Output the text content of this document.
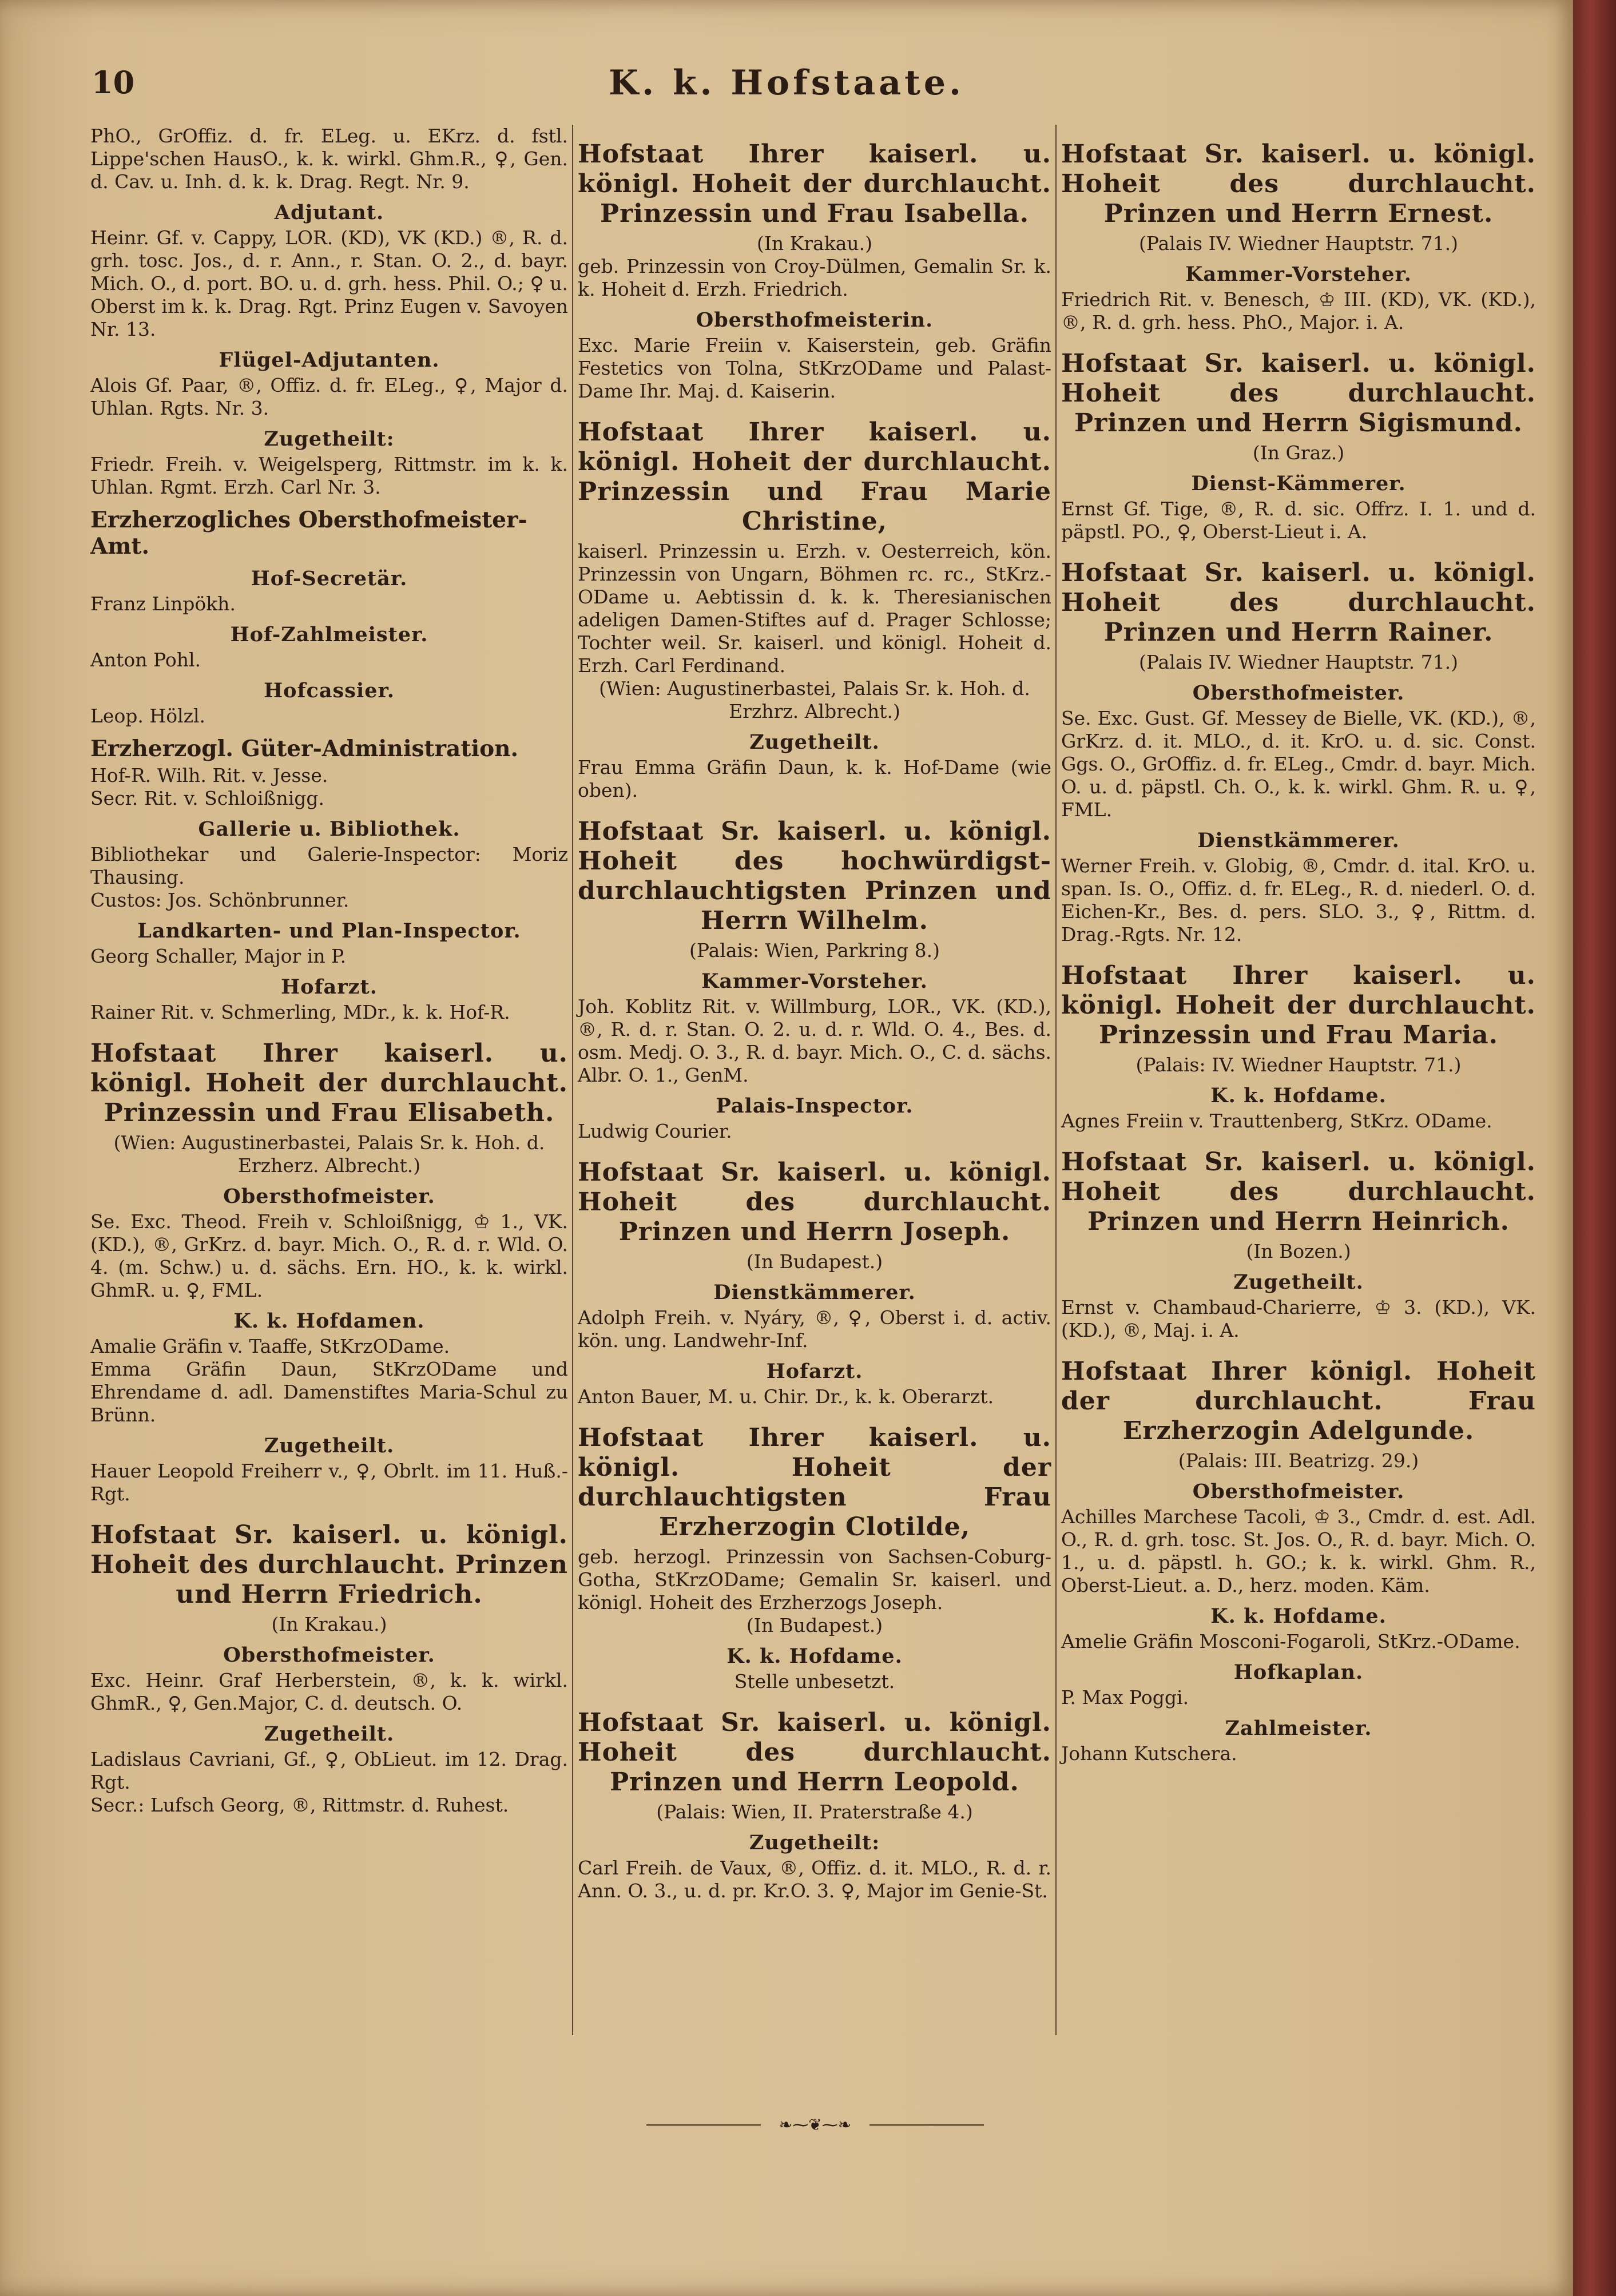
10	K. k. Hofstaate.
PhO., GrOffiz. d. fr. ELeg. u. EKrz. d. fstl. Lippe'schen HausO., k. k. wirkl. Ghm.R., ♀, Gen. d. Cav. u. Inh. d. k. k. Drag. Regt. Nr. 9.
Adjutant.
Heinr. Gf. v. Cappy, LOR. (KD), VK (KD.) ®, R. d. grh. tosc. Jos., d. r. Ann., r. Stan. O. 2., d. bayr. Mich. O., d. port. BO. u. d. grh. hess. Phil. O.; ♀ u. Oberst im k. k. Drag. Rgt. Prinz Eugen v. Savoyen Nr. 13.
Flügel-Adjutanten.
Alois Gf. Paar, ®, Offiz. d. fr. ELeg., ♀, Major d. Uhlan. Rgts. Nr. 3.
Zugetheilt:
Friedr. Freih. v. Weigelsperg, Rittmstr. im k. k. Uhlan. Rgmt. Erzh. Carl Nr. 3.
Erzherzogliches Obersthofmeister-Amt.
Hof-Secretär.
Franz Linpökh.
Hof-Zahlmeister.
Anton Pohl.
Hofcassier.
Leop. Hölzl.
Erzherzogl. Güter-Administration.
Hof-R. Wilh. Rit. v. Jesse.
Secr. Rit. v. Schloißnigg.
Gallerie u. Bibliothek.
Bibliothekar und Galerie-Inspector: Moriz Thausing.
Custos: Jos. Schönbrunner.
Landkarten- und Plan-Inspector.
Georg Schaller, Major in P.
Hofarzt.
Rainer Rit. v. Schmerling, MDr., k. k. Hof-R.
Hofstaat Ihrer kaiserl. u. königl. Hoheit der durchlaucht. Prinzessin und Frau Elisabeth.
(Wien: Augustinerbastei, Palais Sr. k. Hoh. d. Erzherz. Albrecht.)
Obersthofmeister.
Se. Exc. Theod. Freih v. Schloißnigg, ♔ 1., VK. (KD.), ®, GrKrz. d. bayr. Mich. O., R. d. r. Wld. O. 4. (m. Schw.) u. d. sächs. Ern. HO., k. k. wirkl. GhmR. u. ♀, FML.
K. k. Hofdamen.
Amalie Gräfin v. Taaffe, StKrzODame.
Emma Gräfin Daun, StKrzODame und Ehrendame d. adl. Damenstiftes Maria-Schul zu Brünn.
Zugetheilt.
Hauer Leopold Freiherr v., ♀, Obrlt. im 11. Huß.-Rgt.
Hofstaat Sr. kaiserl. u. königl. Hoheit des durchlaucht. Prinzen und Herrn Friedrich.
(In Krakau.)
Obersthofmeister.
Exc. Heinr. Graf Herberstein, ®, k. k. wirkl. GhmR., ♀, Gen.Major, C. d. deutsch. O.
Zugetheilt.
Ladislaus Cavriani, Gf., ♀, ObLieut. im 12. Drag. Rgt.
Secr.: Lufsch Georg, ®, Rittmstr. d. Ruhest.
Hofstaat Ihrer kaiserl. u. königl. Hoheit der durchlaucht. Prinzessin und Frau Isabella.
(In Krakau.)
geb. Prinzessin von Croy-Dülmen, Gemalin Sr. k. k. Hoheit d. Erzh. Friedrich.
Obersthofmeisterin.
Exc. Marie Freiin v. Kaiserstein, geb. Gräfin Festetics von Tolna, StKrzODame und Palast-Dame Ihr. Maj. d. Kaiserin.
Hofstaat Ihrer kaiserl. u. königl. Hoheit der durchlaucht. Prinzessin und Frau Marie Christine,
kaiserl. Prinzessin u. Erzh. v. Oesterreich, kön. Prinzessin von Ungarn, Böhmen rc. rc., StKrz.-ODame u. Aebtissin d. k. k. Theresianischen adeligen Damen-Stiftes auf d. Prager Schlosse; Tochter weil. Sr. kaiserl. und königl. Hoheit d. Erzh. Carl Ferdinand.
(Wien: Augustinerbastei, Palais Sr. k. Hoh. d. Erzhrz. Albrecht.)
Zugetheilt.
Frau Emma Gräfin Daun, k. k. Hof-Dame (wie oben).
Hofstaat Sr. kaiserl. u. königl. Hoheit des hochwürdigst-durchlauchtigsten Prinzen und Herrn Wilhelm.
(Palais: Wien, Parkring 8.)
Kammer-Vorsteher.
Joh. Koblitz Rit. v. Willmburg, LOR., VK. (KD.), ®, R. d. r. Stan. O. 2. u. d. r. Wld. O. 4., Bes. d. osm. Medj. O. 3., R. d. bayr. Mich. O., C. d. sächs. Albr. O. 1., GenM.
Palais-Inspector.
Ludwig Courier.
Hofstaat Sr. kaiserl. u. königl. Hoheit des durchlaucht. Prinzen und Herrn Joseph.
(In Budapest.)
Dienstkämmerer.
Adolph Freih. v. Nyáry, ®, ♀, Oberst i. d. activ. kön. ung. Landwehr-Inf.
Hofarzt.
Anton Bauer, M. u. Chir. Dr., k. k. Oberarzt.
Hofstaat Ihrer kaiserl. u. königl. Hoheit der durchlauchtigsten Frau Erzherzogin Clotilde,
geb. herzogl. Prinzessin von Sachsen-Coburg-Gotha, StKrzODame; Gemalin Sr. kaiserl. und königl. Hoheit des Erzherzogs Joseph.
(In Budapest.)
K. k. Hofdame.
Stelle unbesetzt.
Hofstaat Sr. kaiserl. u. königl. Hoheit des durchlaucht. Prinzen und Herrn Leopold.
(Palais: Wien, II. Praterstraße 4.)
Zugetheilt:
Carl Freih. de Vaux, ®, Offiz. d. it. MLO., R. d. r. Ann. O. 3., u. d. pr. Kr.O. 3. ♀, Major im Genie-St.
Hofstaat Sr. kaiserl. u. königl. Hoheit des durchlaucht. Prinzen und Herrn Ernest.
(Palais IV. Wiedner Hauptstr. 71.)
Kammer-Vorsteher.
Friedrich Rit. v. Benesch, ♔ III. (KD), VK. (KD.), ®, R. d. grh. hess. PhO., Major. i. A.
Hofstaat Sr. kaiserl. u. königl. Hoheit des durchlaucht. Prinzen und Herrn Sigismund.
(In Graz.)
Dienst-Kämmerer.
Ernst Gf. Tige, ®, R. d. sic. Offrz. I. 1. und d. päpstl. PO., ♀, Oberst-Lieut i. A.
Hofstaat Sr. kaiserl. u. königl. Hoheit des durchlaucht. Prinzen und Herrn Rainer.
(Palais IV. Wiedner Hauptstr. 71.)
Obersthofmeister.
Se. Exc. Gust. Gf. Messey de Bielle, VK. (KD.), ®, GrKrz. d. it. MLO., d. it. KrO. u. d. sic. Const. Ggs. O., GrOffiz. d. fr. ELeg., Cmdr. d. bayr. Mich. O. u. d. päpstl. Ch. O., k. k. wirkl. Ghm. R. u. ♀, FML.
Dienstkämmerer.
Werner Freih. v. Globig, ®, Cmdr. d. ital. KrO. u. span. Is. O., Offiz. d. fr. ELeg., R. d. niederl. O. d. Eichen-Kr., Bes. d. pers. SLO. 3., ♀, Rittm. d. Drag.-Rgts. Nr. 12.
Hofstaat Ihrer kaiserl. u. königl. Hoheit der durchlaucht. Prinzessin und Frau Maria.
(Palais: IV. Wiedner Hauptstr. 71.)
K. k. Hofdame.
Agnes Freiin v. Trauttenberg, StKrz. ODame.
Hofstaat Sr. kaiserl. u. königl. Hoheit des durchlaucht. Prinzen und Herrn Heinrich.
(In Bozen.)
Zugetheilt.
Ernst v. Chambaud-Charierre, ♔ 3. (KD.), VK. (KD.), ®, Maj. i. A.
Hofstaat Ihrer königl. Hoheit der durchlaucht. Frau Erzherzogin Adelgunde.
(Palais: III. Beatrizg. 29.)
Obersthofmeister.
Achilles Marchese Tacoli, ♔ 3., Cmdr. d. est. Adl. O., R. d. grh. tosc. St. Jos. O., R. d. bayr. Mich. O. 1., u. d. päpstl. h. GO.; k. k. wirkl. Ghm. R., Oberst-Lieut. a. D., herz. moden. Käm.
K. k. Hofdame.
Amelie Gräfin Mosconi-Fogaroli, StKrz.-ODame.
Hofkaplan.
P. Max Poggi.
Zahlmeister.
Johann Kutschera.
❧⁓❦⁓❧
